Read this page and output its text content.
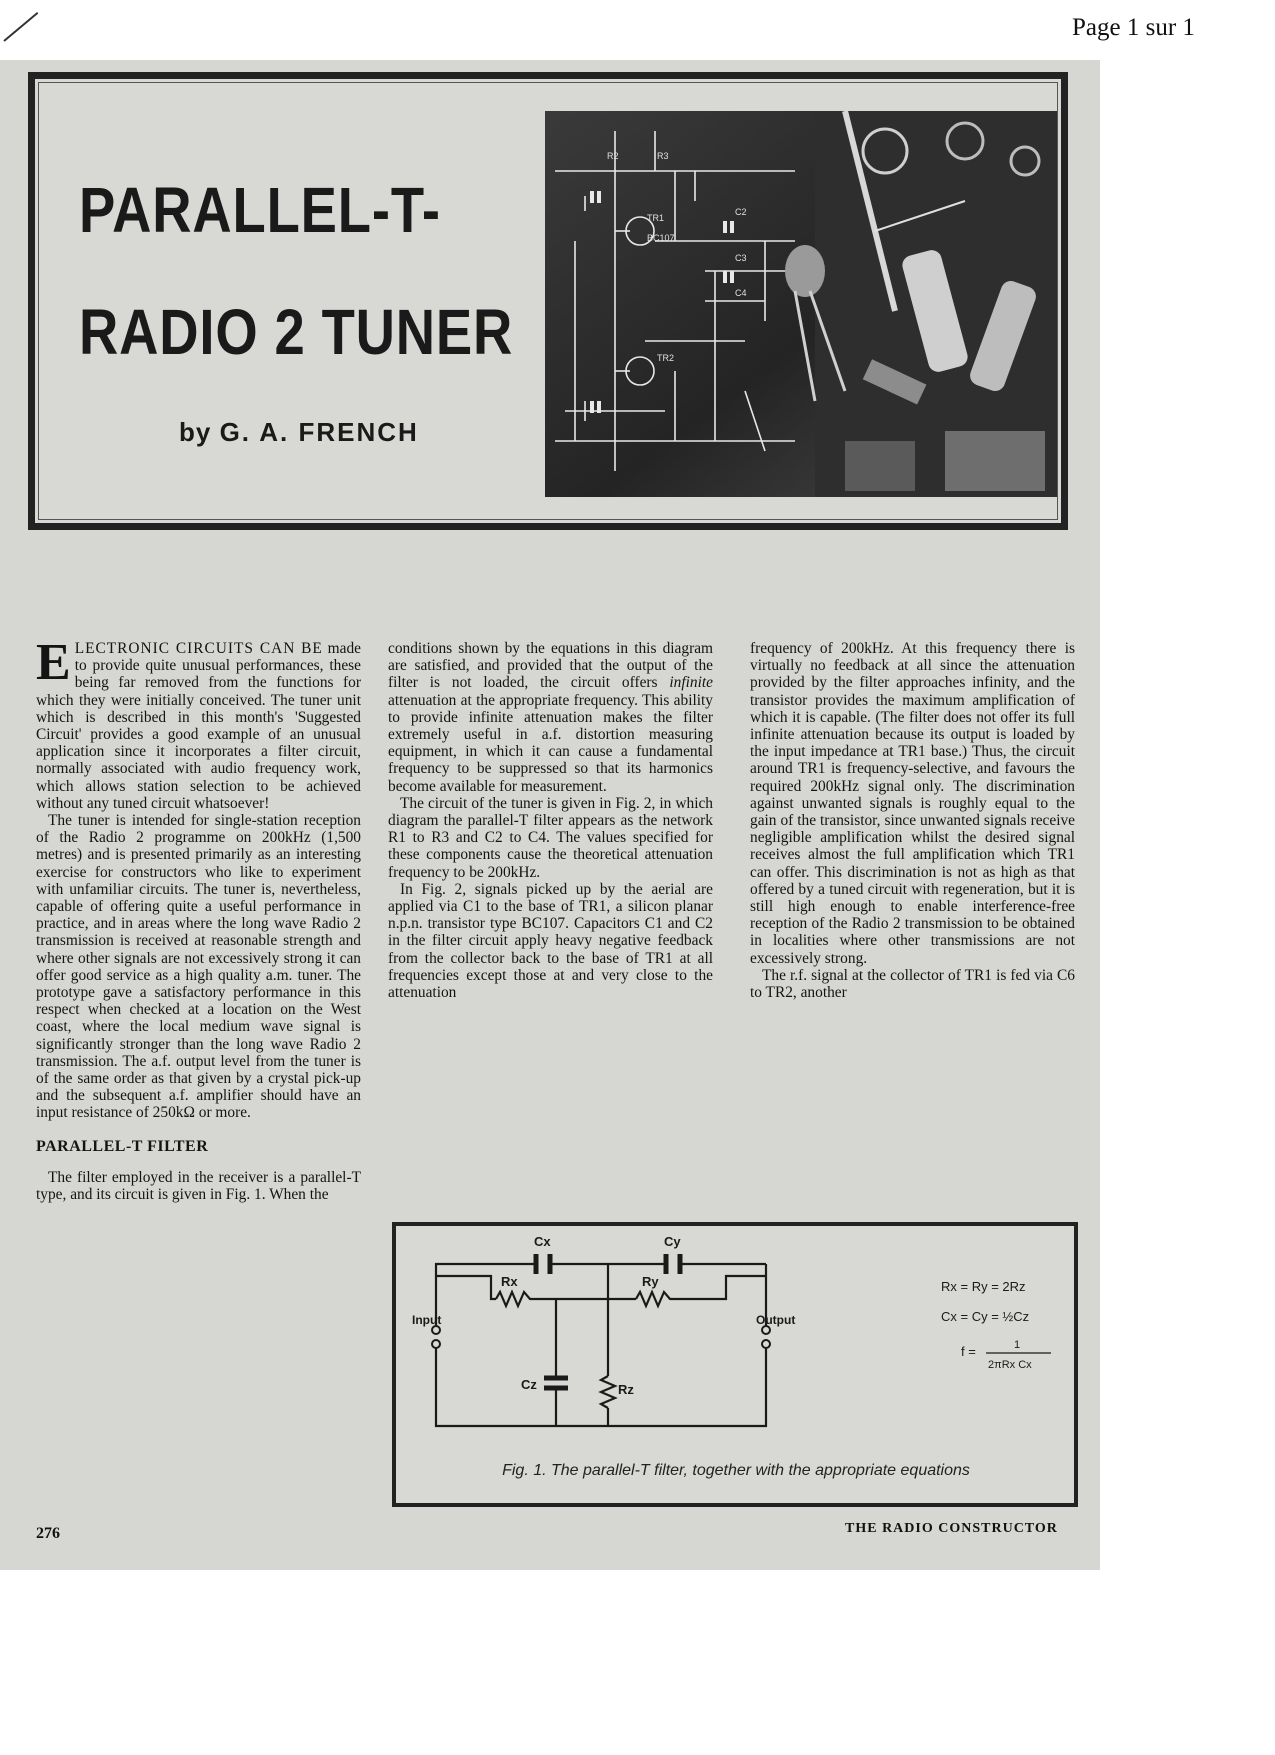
Page 1 sur 1
PARALLEL-T-
RADIO 2 TUNER
by G. A. FRENCH
TR1
BC107
TR2
R2	R3
C2
C3
C4

ELECTRONIC CIRCUITS CAN BE made to provide quite unusual performances, these being far removed from the functions for which they were initially conceived. The tuner unit which is described in this month's 'Suggested Circuit' provides a good example of an unusual application since it incorporates a filter circuit, normally associated with audio frequency work, which allows station selection to be achieved without any tuned circuit whatsoever!

The tuner is intended for single-station reception of the Radio 2 programme on 200kHz (1,500 metres) and is presented primarily as an interesting exercise for constructors who like to experiment with unfamiliar circuits. The tuner is, nevertheless, capable of offering quite a useful performance in practice, and in areas where the long wave Radio 2 transmission is received at reasonable strength and where other signals are not excessively strong it can offer good service as a high quality a.m. tuner. The prototype gave a satisfactory performance in this respect when checked at a location on the West coast, where the local medium wave signal is significantly stronger than the long wave Radio 2 transmission. The a.f. output level from the tuner is of the same order as that given by a crystal pick-up and the subsequent a.f. amplifier should have an input resistance of 250kΩ or more.

PARALLEL-T FILTER

The filter employed in the receiver is a parallel-T type, and its circuit is given in Fig. 1. When the

conditions shown by the equations in this diagram are satisfied, and provided that the output of the filter is not loaded, the circuit offers infinite attenuation at the appropriate frequency. This ability to provide infinite attenuation makes the filter extremely useful in a.f. distortion measuring equipment, in which it can cause a fundamental frequency to be suppressed so that its harmonics become available for measurement.

The circuit of the tuner is given in Fig. 2, in which diagram the parallel-T filter appears as the network R1 to R3 and C2 to C4. The values specified for these components cause the theoretical attenuation frequency to be 200kHz.

In Fig. 2, signals picked up by the aerial are applied via C1 to the base of TR1, a silicon planar n.p.n. transistor type BC107. Capacitors C1 and C2 in the filter circuit apply heavy negative feedback from the collector back to the base of TR1 at all frequencies except those at and very close to the attenuation

frequency of 200kHz. At this frequency there is virtually no feedback at all since the attenuation provided by the filter approaches infinity, and the transistor provides the maximum amplification of which it is capable. (The filter does not offer its full infinite attenuation because its output is loaded by the input impedance at TR1 base.) Thus, the circuit around TR1 is frequency-selective, and favours the required 200kHz signal only. The discrimination against unwanted signals is roughly equal to the gain of the transistor, since unwanted signals receive negligible amplification whilst the desired signal receives almost the full amplification which TR1 can offer. This discrimination is not as high as that offered by a tuned circuit with regeneration, but it is still high enough to enable interference-free reception of the Radio 2 transmission to be obtained in localities where other transmissions are not excessively strong.

The r.f. signal at the collector of TR1 is fed via C6 to TR2, another

Cx	Cy
Rx	Ry
Cz	Rz
Input	Output
Rx = Ry = 2Rz
Cx = Cy = ½Cz
f =	1
2πRx Cx
Fig. 1. The parallel-T filter, together with the appropriate equations
276	THE RADIO CONSTRUCTOR
